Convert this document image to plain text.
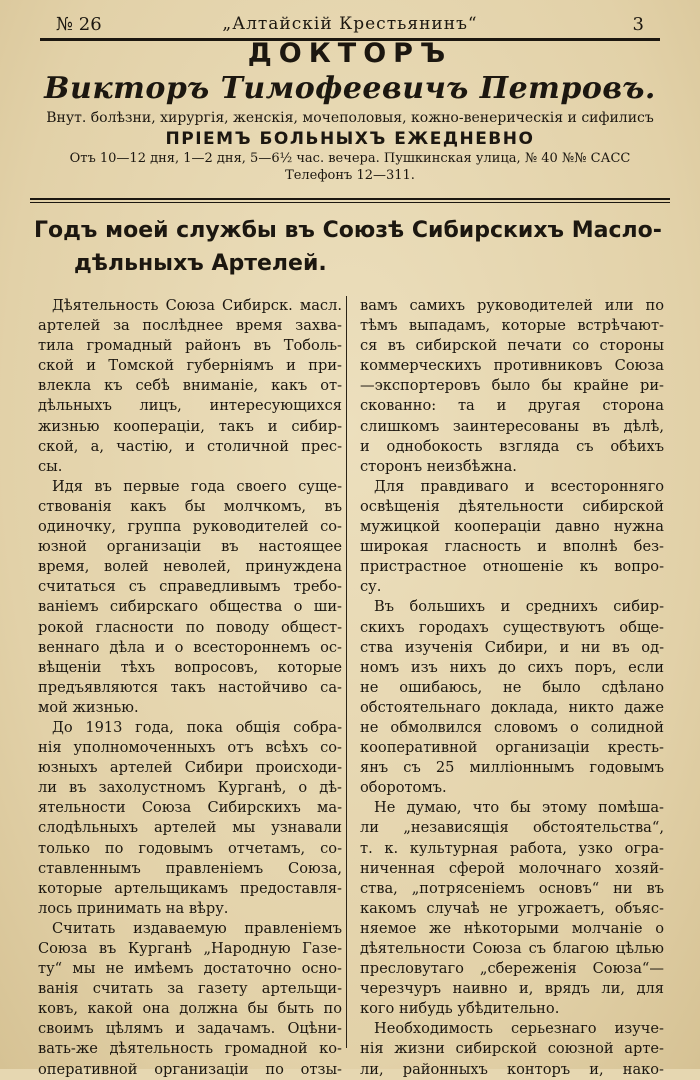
№ 26	„Алтайскiй Крестьянинъ“	3
ДОКТОРЪ
Викторъ Тимофеевичъ Петровъ.
Внут. болѣзни, хирургiя, женскiя, мочеполовыя, кожно-венерическiя и сифилисъ
ПРIЕМЪ БОЛЬНЫХЪ ЕЖЕДНЕВНО
Отъ 10—12 дня, 1—2 дня, 5—6½ час. вечера. Пушкинская улица, № 40 №№ САСС
Телефонъ 12—311.
Годъ моей службы въ Союзѣ Сибирскихъ Маслo-
дѣльныхъ Артелей.
Дѣятельность Союза Сибирск. масл.
артелей за послѣднее время захва-
тила громадный районъ въ Тоболь-
ской и Томской губернiямъ и при-
влекла къ себѣ вниманiе, какъ от-
дѣльныхъ лицъ, интересующихся
жизнью коопераціи, такъ и сибир-
ской, а, частiю, и столичной прес-
сы.
Идя въ первые года своего суще-
ствованiя какъ бы молчкомъ, въ
одиночку, группа руководителей со-
юзной организацiи въ настоящее
время, волей неволей, принуждена
считаться съ справедливымъ требо-
ванiемъ сибирскаго общества о ши-
рокой гласности по поводу общест-
веннаго дѣла и о всестороннемъ ос-
вѣщенiи тѣхъ вопросовъ, которые
предъявляются такъ настойчиво са-
мой жизнью.
До 1913 года, пока общiя собра-
нiя уполномоченныхъ отъ всѣхъ со-
юзныхъ артелей Сибири происходи-
ли въ захолустномъ Курганѣ, о дѣ-
ятельности Союза Сибирскихъ ма-
слодѣльныхъ артелей мы узнавали
только по годовымъ отчетамъ, со-
ставленнымъ правленiемъ Союза,
которые артельщикамъ предоставля-
лось принимать на вѣру.
Считать издаваемую правленiемъ
Союза въ Курганѣ „Народную Газе-
ту“ мы не имѣемъ достаточно осно-
ванiя считать за газету артельщи-
ковъ, какой она должна бы быть по
своимъ цѣлямъ и задачамъ. Оцѣни-
вать-же дѣятельность громадной ко-
оперативной организацiи по отзы-
вамъ самихъ руководителей или по
тѣмъ выпадамъ, которые встрѣчают-
ся въ сибирской печати со стороны
коммерческихъ противниковъ Союза
—экспортеровъ было бы крайне ри-
скованно: та и другая сторона
слишкомъ заинтересованы въ дѣлѣ,
и однобокость взгляда съ обѣихъ
сторонъ неизбѣжна.
Для правдиваго и всесторонняго
освѣщенiя дѣятельности сибирской
мужицкой коопераціи давно нужна
широкая гласность и вполнѣ без-
пристрастное отношенiе къ вопро-
су.
Въ большихъ и среднихъ сибир-
скихъ городахъ существуютъ обще-
ства изученiя Сибири, и ни въ од-
номъ изъ нихъ до сихъ поръ, если
не ошибаюсь, не было сдѣлано
обстоятельнаго доклада, никто даже
не обмолвился словомъ о солидной
кооперативной организацiи кресть-
янъ съ 25 миллiоннымъ годовымъ
оборотомъ.
Не думаю, что бы этому помѣша-
ли „независящiя обстоятельства“,
т. к. культурная работа, узко огра-
ниченная сферой молочнаго хозяй-
ства, „потрясенiемъ основъ“ ни въ
какомъ случаѣ не угрожаетъ, объяс-
няемое же нѣкоторыми молчанiе о
дѣятельности Союза съ благою цѣлью
пресловутаго „сбереженiя Союза“—
черезчуръ наивно и, врядъ ли, для
кого нибудь убѣдительно.
Необходимость серьезнаго изуче-
нiя жизни сибирской союзной арте-
ли, районныхъ конторъ и, нако-
